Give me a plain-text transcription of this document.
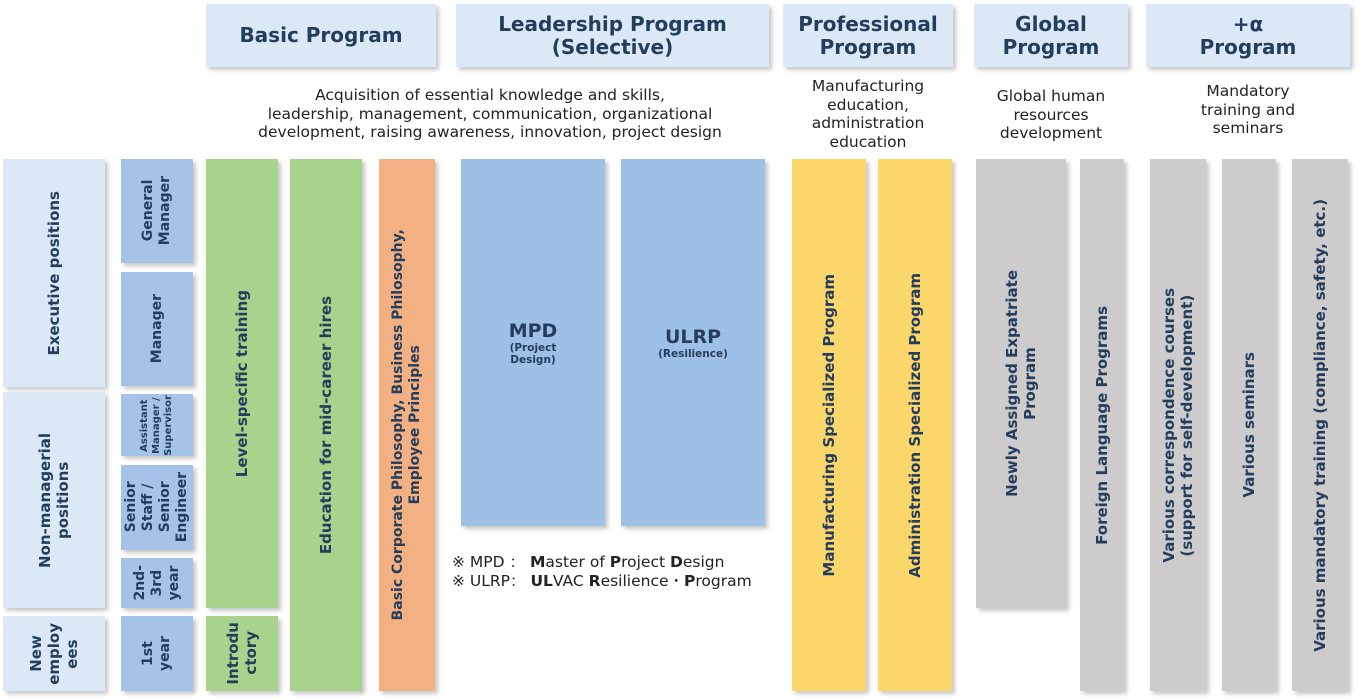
Basic Program	Leadership Program
(Selective)
Professional
Program
Global
Program
+α
Program
Acquisition of essential knowledge and skills,
leadership, management, communication, organizational
development, raising awareness, innovation, project design
Manufacturing
education,
administration
education
Global human
resources
development
Mandatory
training and
seminars
Executive positions
Non-managerial positions
New
employ
ees
General
Manager
Manager
Assistant
Manager /
Supervisor
Senior
Staff /
Senior
Engineer
2nd-
3rd
year
1st
year
Level-specific training
Introdu
ctory
Education for mid-career hires
Basic Corporate Philosophy, Business Philosophy,
Employee Principles
MPD
(Project
Design)
ULRP
(Resilience)
※ MPD ： Master of Project Design
※ ULRP： ULVAC Resilience・Program
Manufacturing Specialized Program	Administration Specialized Program	Newly Assigned Expatriate
Program	Foreign Language Programs	Various correspondence courses
(support for self-development)	Various seminars	Various mandatory training (compliance, safety, etc.)
